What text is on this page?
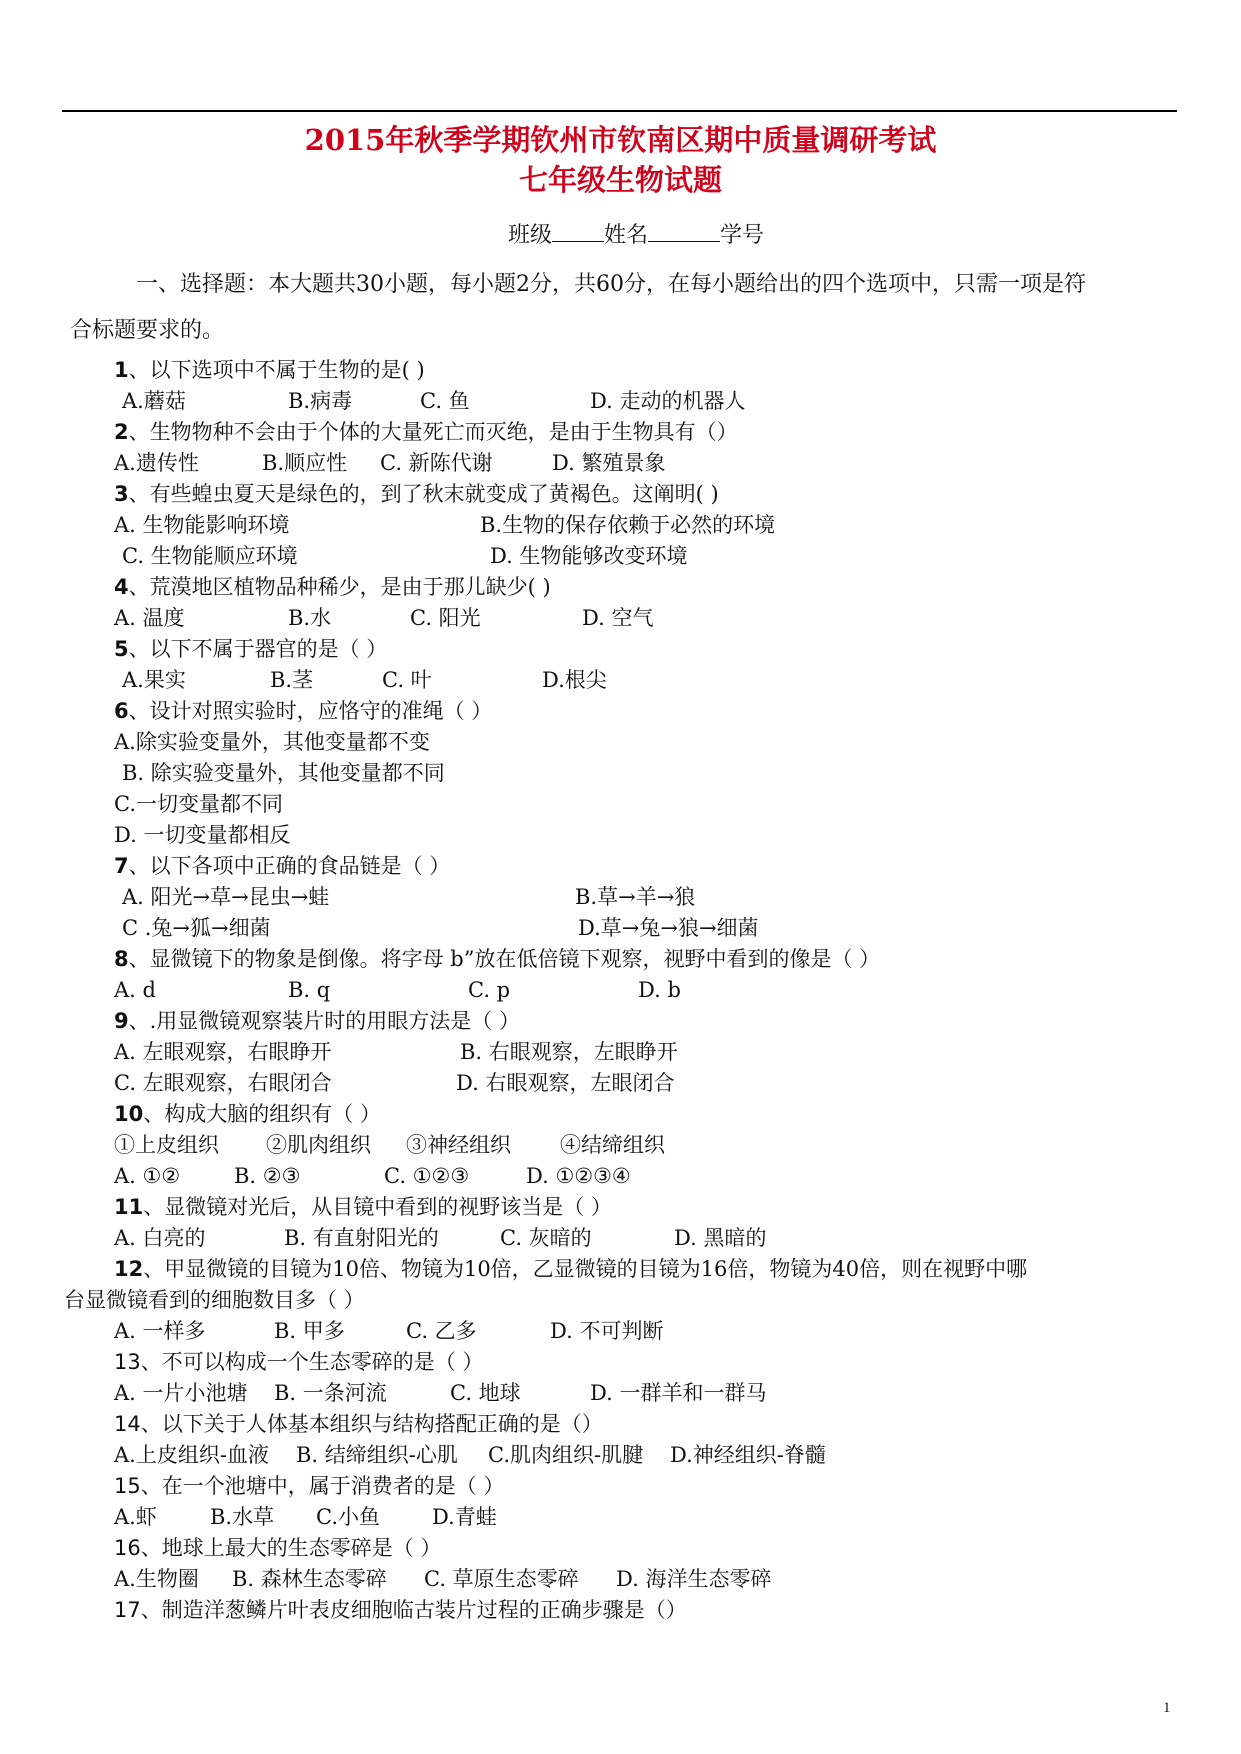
2015年秋季学期钦州市钦南区期中质量调研考试
七年级生物试题
班级 姓名	学号

一、选择题：本大题共30小题，每小题2分，共60分，在每小题给出的四个选项中，只需一项是符

合标题要求的。

1、以下选项中不属于生物的是( )
A.蘑菇	B.病毒	C. 鱼	D. 走动的机器人
2、生物物种不会由于个体的大量死亡而灭绝，是由于生物具有（）
A.遗传性	B.顺应性 C. 新陈代谢	D. 繁殖景象
3、有些蝗虫夏天是绿色的，到了秋末就变成了黄褐色。这阐明( )
A. 生物能影响环境	B.生物的保存依赖于必然的环境
C. 生物能顺应环境	D. 生物能够改变环境
4、荒漠地区植物品种稀少，是由于那儿缺少( )
A. 温度	B.水	C. 阳光	D. 空气
5、以下不属于器官的是（ ）
A.果实	B.茎	C. 叶	D.根尖
6、设计对照实验时，应恪守的准绳（ ）
A.除实验变量外，其他变量都不变
B. 除实验变量外，其他变量都不同
C.一切变量都不同
D. 一切变量都相反
7、以下各项中正确的食品链是（ ）
A. 阳光→草→昆虫→蛙	B.草→羊→狼
C .兔→狐→细菌	D.草→兔→狼→细菌
8、显微镜下的物象是倒像。将字母 b”放在低倍镜下观察，视野中看到的像是（ ）
A. d	B. q	C. p	D. b
9、.用显微镜观察装片时的用眼方法是（ ）
A. 左眼观察，右眼睁开	B. 右眼观察，左眼睁开
C. 左眼观察，右眼闭合	D. 右眼观察，左眼闭合
10、构成大脑的组织有（ ）
①上皮组织 ②肌肉组织 ③神经组织 ④结缔组织
A. ①②	B. ②③	C. ①②③	D. ①②③④
11、显微镜对光后，从目镜中看到的视野该当是（ ）
A. 白亮的	B. 有直射阳光的	C. 灰暗的	D. 黑暗的
12、甲显微镜的目镜为10倍、物镜为10倍，乙显微镜的目镜为16倍，物镜为40倍，则在视野中哪
台显微镜看到的细胞数目多（ ）
A. 一样多	B. 甲多	C. 乙多	D. 不可判断
13、不可以构成一个生态零碎的是（ ）
A. 一片小池塘 B. 一条河流	C. 地球	D. 一群羊和一群马
14、以下关于人体基本组织与结构搭配正确的是（）
A.上皮组织-血液 B. 结缔组织-心肌 C.肌肉组织-肌腱 D.神经组织-脊髓
15、在一个池塘中，属于消费者的是（ ）
A.虾	B.水草 C.小鱼 D.青蛙
16、地球上最大的生态零碎是（ ）
A.生物圈 B. 森林生态零碎 C. 草原生态零碎 D. 海洋生态零碎
17、制造洋葱鳞片叶表皮细胞临古装片过程的正确步骤是（）
1
